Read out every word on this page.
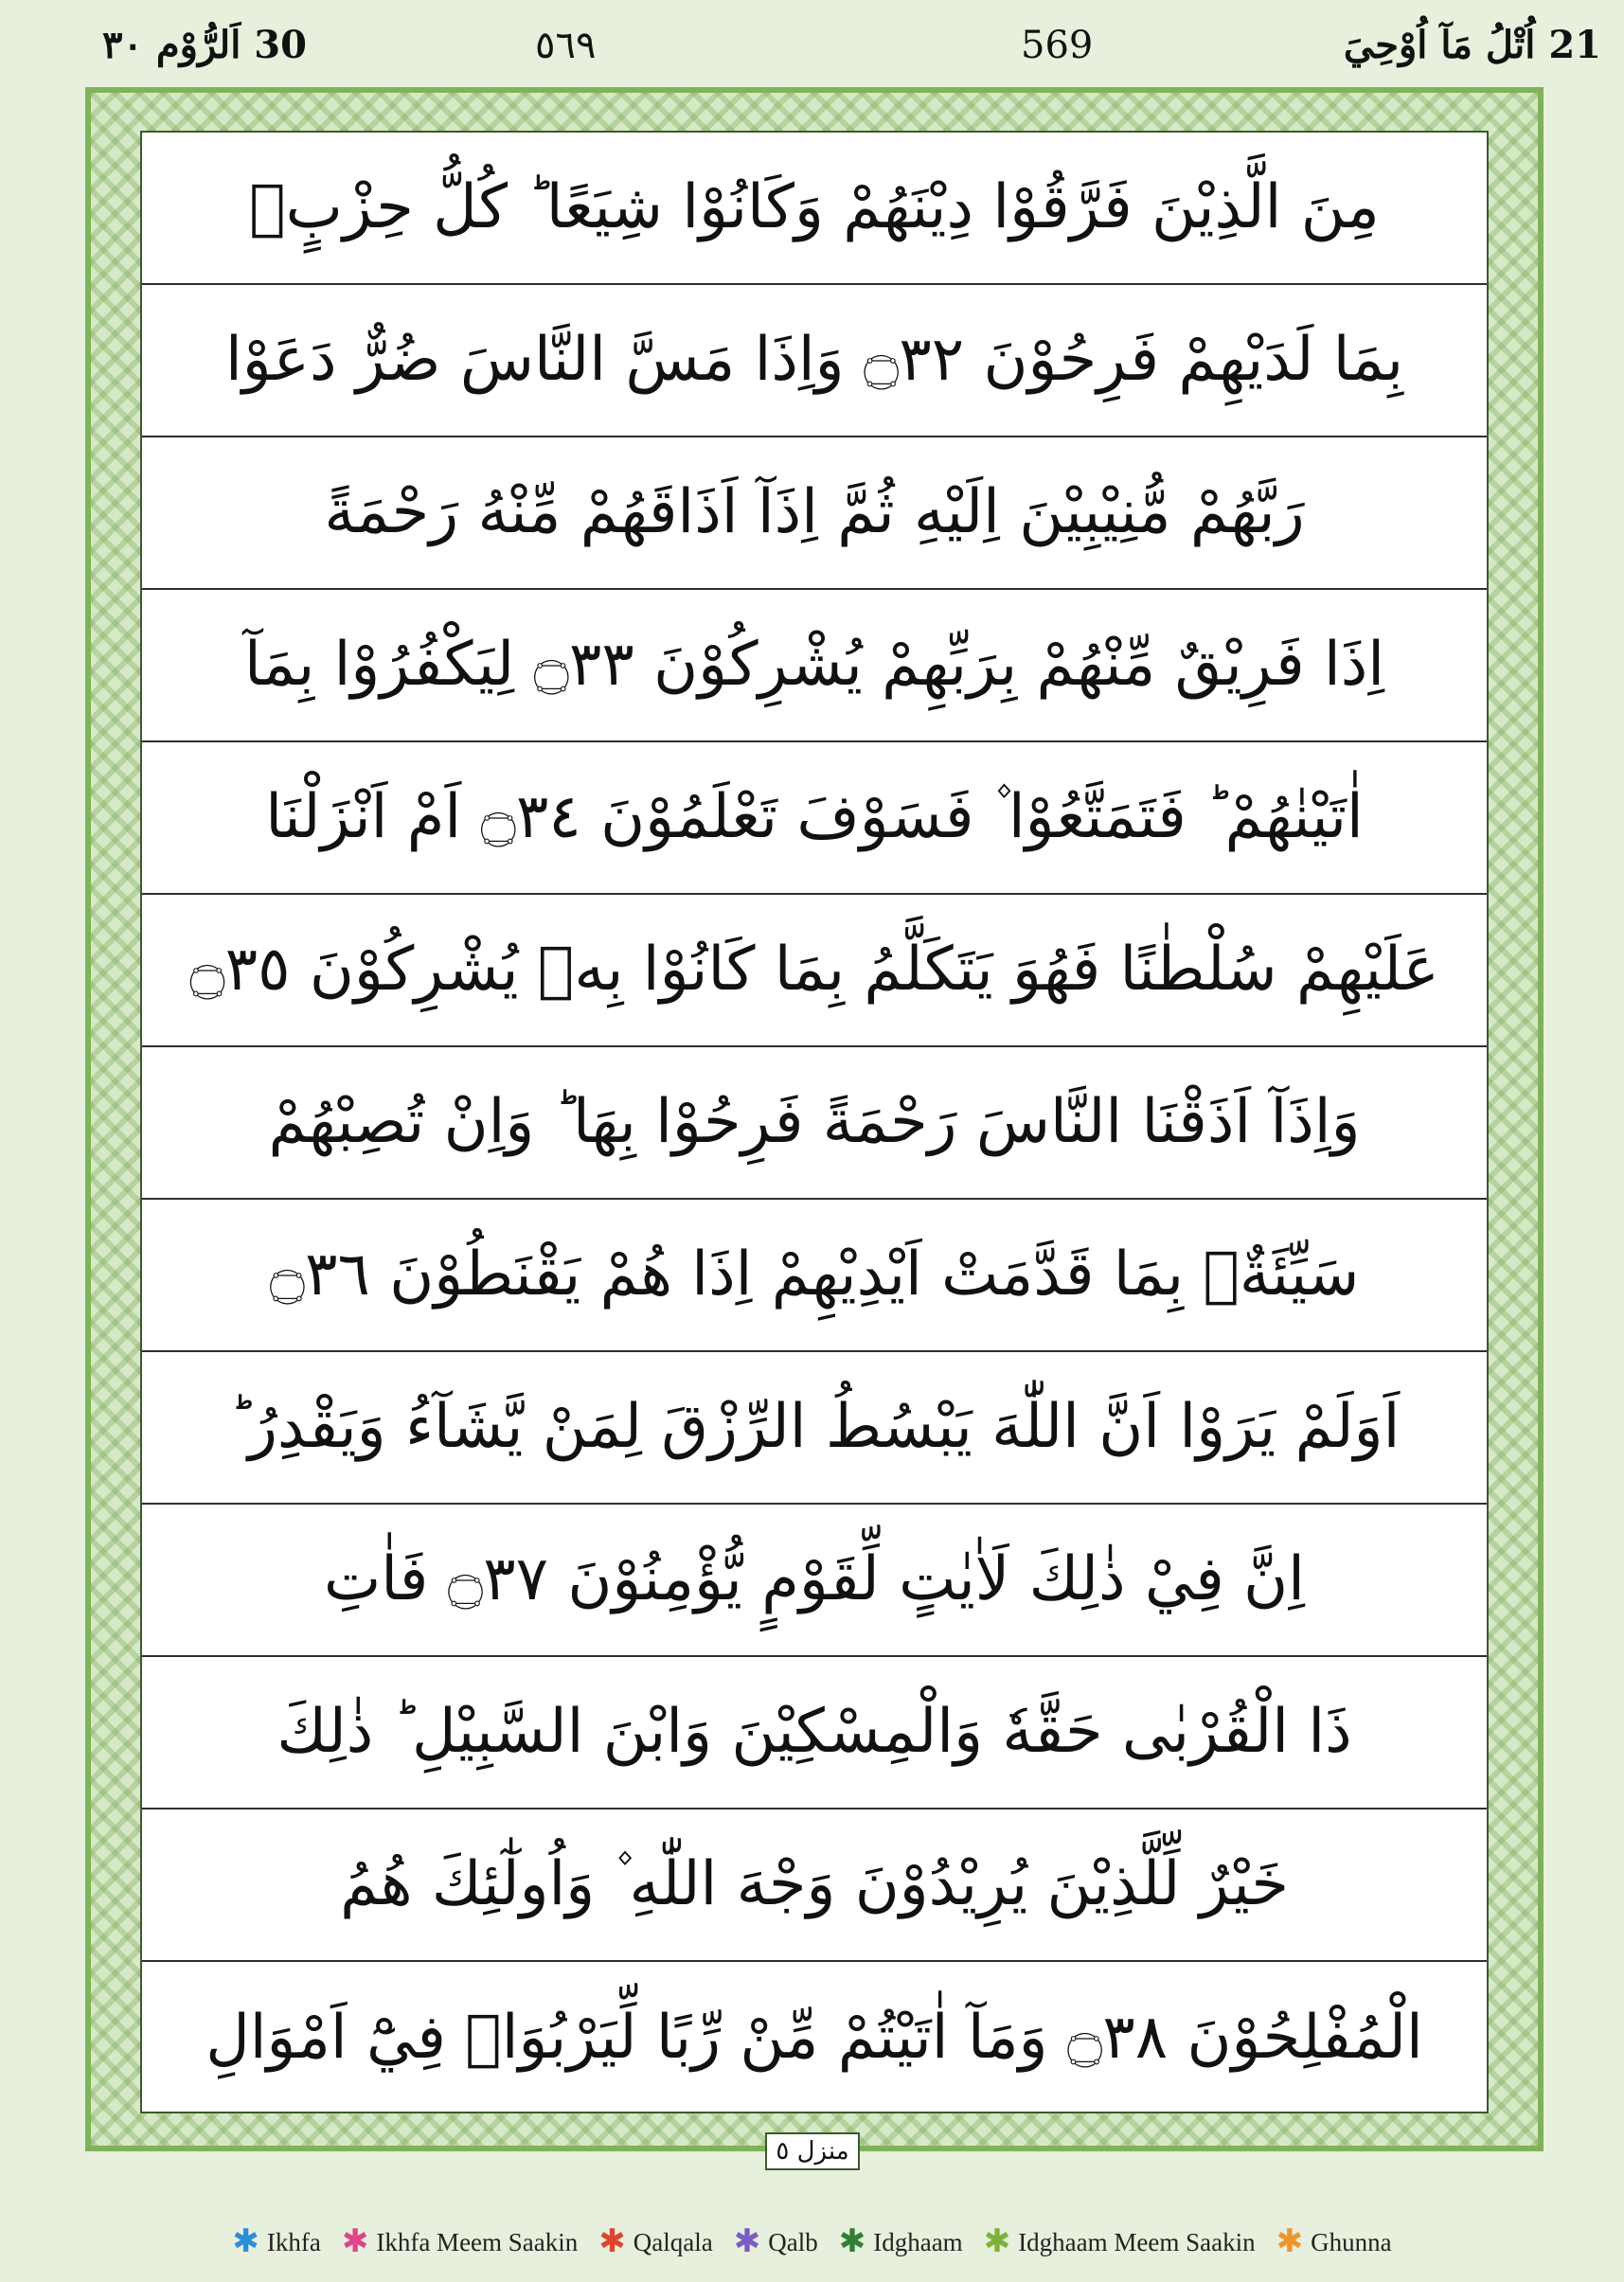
21 اُتْلُ مَآ اُوْحِيَ
569
٥٦٩
30 اَلرُّوْم ٣٠
مِنَ الَّذِيْنَ فَرَّقُوْا دِيْنَهُمْ وَكَانُوْا شِيَعًا ؕ كُلُّ حِزْبٍۭ
بِمَا لَدَيْهِمْ فَرِحُوْنَ ۝٣٢ وَاِذَا مَسَّ النَّاسَ ضُرٌّ دَعَوْا
رَبَّهُمْ مُّنِيْبِيْنَ اِلَيْهِ ثُمَّ اِذَآ اَذَاقَهُمْ مِّنْهُ رَحْمَةً
اِذَا فَرِيْقٌ مِّنْهُمْ بِرَبِّهِمْ يُشْرِكُوْنَ ۝٣٣ لِيَكْفُرُوْا بِمَآ
اٰتَيْنٰهُمْ ؕ فَتَمَتَّعُوْا ۫ فَسَوْفَ تَعْلَمُوْنَ ۝٣٤ اَمْ اَنْزَلْنَا
عَلَيْهِمْ سُلْطٰنًا فَهُوَ يَتَكَلَّمُ بِمَا كَانُوْا بِهٖ يُشْرِكُوْنَ ۝٣٥
وَاِذَآ اَذَقْنَا النَّاسَ رَحْمَةً فَرِحُوْا بِهَا ؕ وَاِنْ تُصِبْهُمْ
سَيِّئَةٌۢ بِمَا قَدَّمَتْ اَيْدِيْهِمْ اِذَا هُمْ يَقْنَطُوْنَ ۝٣٦
اَوَلَمْ يَرَوْا اَنَّ اللّٰهَ يَبْسُطُ الرِّزْقَ لِمَنْ يَّشَآءُ وَيَقْدِرُ ؕ
اِنَّ فِيْ ذٰلِكَ لَاٰيٰتٍ لِّقَوْمٍ يُّؤْمِنُوْنَ ۝٣٧ فَاٰتِ
ذَا الْقُرْبٰى حَقَّهٗ وَالْمِسْكِيْنَ وَابْنَ السَّبِيْلِ ؕ ذٰلِكَ
خَيْرٌ لِّلَّذِيْنَ يُرِيْدُوْنَ وَجْهَ اللّٰهِ ۫ وَاُولٰٓئِكَ هُمُ
الْمُفْلِحُوْنَ ۝٣٨ وَمَآ اٰتَيْتُمْ مِّنْ رِّبًا لِّيَرْبُوَا۠ فِيْٓ اَمْوَالِ
منزل ٥
✱ Ikhfa ✱ Ikhfa Meem Saakin ✱ Qalqala ✱ Qalb ✱ Idghaam ✱ Idghaam Meem Saakin ✱ Ghunna
